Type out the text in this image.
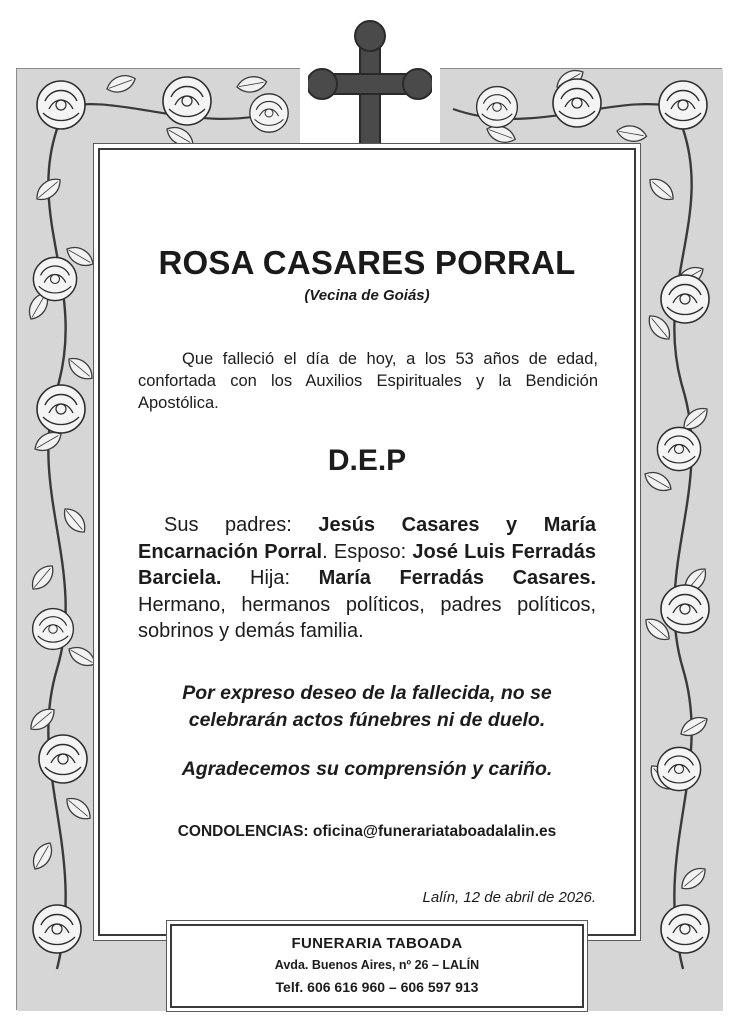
ROSA CASARES PORRAL
(Vecina de Goiás)
Que falleció el día de hoy, a los 53 años de edad, confortada con los Auxilios Espirituales y la Bendición Apostólica.
D.E.P
Sus padres: Jesús Casares y María Encarnación Porral. Esposo: José Luis Ferradás Barciela. Hija: María Ferradás Casares. Hermano, hermanos políticos, padres políticos, sobrinos y demás familia.
Por expreso deseo de la fallecida, no se
celebrarán actos fúnebres ni de duelo.
Agradecemos su comprensión y cariño.
CONDOLENCIAS: oficina@funerariataboadalalin.es
Lalín, 12 de abril de 2026.
FUNERARIA TABOADA
Avda. Buenos Aires, nº 26 – LALÍN
Telf. 606 616 960 – 606 597 913
